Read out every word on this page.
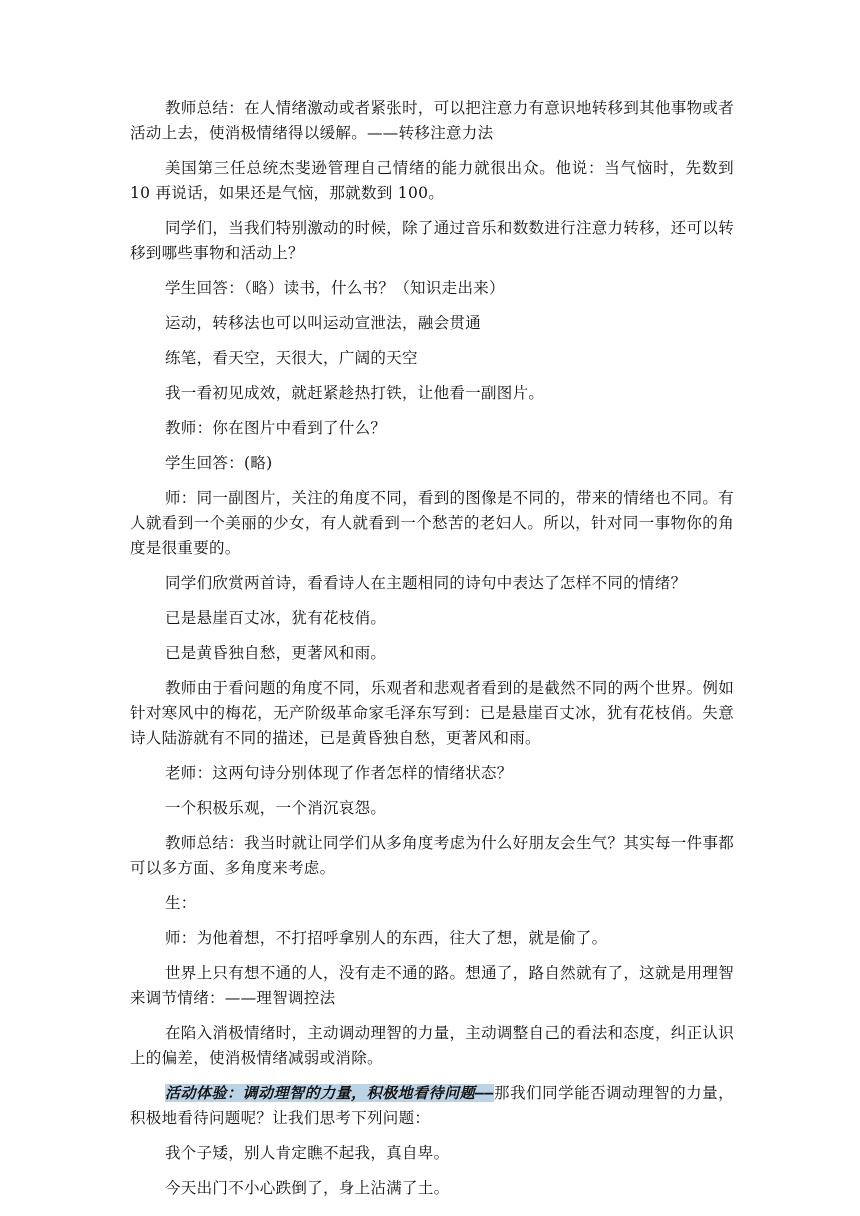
教师总结：在人情绪激动或者紧张时，可以把注意力有意识地转移到其他事物或者活动上去，使消极情绪得以缓解。——转移注意力法

美国第三任总统杰斐逊管理自己情绪的能力就很出众。他说：当气恼时，先数到 10 再说话，如果还是气恼，那就数到 100。

同学们，当我们特别激动的时候，除了通过音乐和数数进行注意力转移，还可以转移到哪些事物和活动上？

学生回答：（略）读书，什么书？（知识走出来）

运动，转移法也可以叫运动宣泄法，融会贯通

练笔，看天空，天很大，广阔的天空

我一看初见成效，就赶紧趁热打铁，让他看一副图片。

教师：你在图片中看到了什么？

学生回答：(略)

师：同一副图片，关注的角度不同，看到的图像是不同的，带来的情绪也不同。有人就看到一个美丽的少女，有人就看到一个愁苦的老妇人。所以，针对同一事物你的角度是很重要的。

同学们欣赏两首诗，看看诗人在主题相同的诗句中表达了怎样不同的情绪？

已是悬崖百丈冰，犹有花枝俏。

已是黄昏独自愁，更著风和雨。

教师由于看问题的角度不同，乐观者和悲观者看到的是截然不同的两个世界。例如针对寒风中的梅花，无产阶级革命家毛泽东写到：已是悬崖百丈冰，犹有花枝俏。失意诗人陆游就有不同的描述，已是黄昏独自愁，更著风和雨。

老师：这两句诗分别体现了作者怎样的情绪状态？

一个积极乐观，一个消沉哀怨。

教师总结：我当时就让同学们从多角度考虑为什么好朋友会生气？其实每一件事都可以多方面、多角度来考虑。

生：

师：为他着想，不打招呼拿别人的东西，往大了想，就是偷了。

世界上只有想不通的人，没有走不通的路。想通了，路自然就有了，这就是用理智来调节情绪：——理智调控法

在陷入消极情绪时，主动调动理智的力量，主动调整自己的看法和态度，纠正认识上的偏差，使消极情绪减弱或消除。

活动体验：调动理智的力量，积极地看待问题——那我们同学能否调动理智的力量，积极地看待问题呢？让我们思考下列问题：

我个子矮，别人肯定瞧不起我，真自卑。

今天出门不小心跌倒了，身上沾满了土。
